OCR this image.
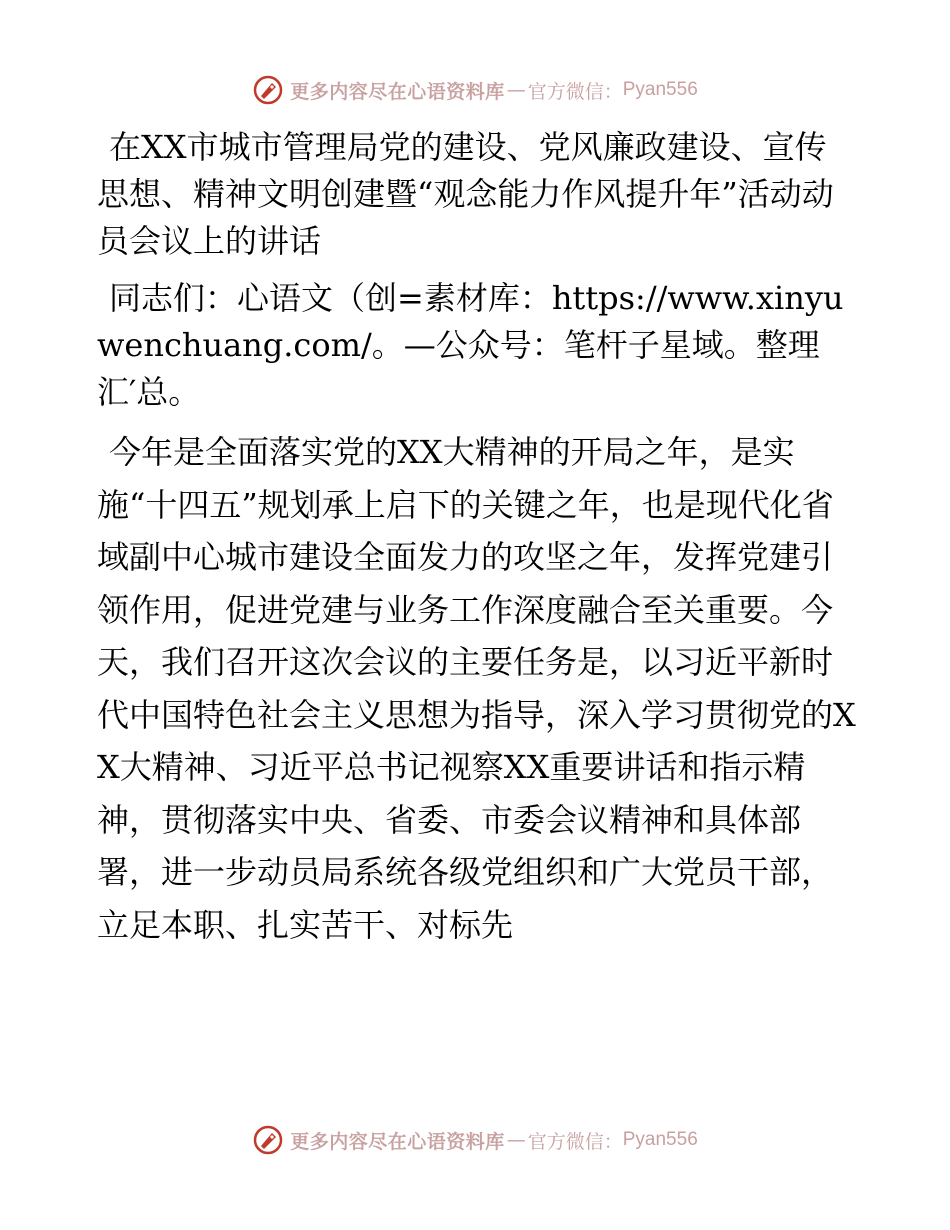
更多内容尽在心语资料库 — 官方微信： Pyan556
在XX市城市管理局党的建设、党风廉政建设、宣传思想、精神文明创建暨“观念能力作风提升年”活动动员会议上的讲话

同志们：心语文（创=素材库：https://www.xinyuwenchuang.com/。—公众号：笔杆子星域。整理汇′总。

今年是全面落实党的XX大精神的开局之年，是实施“十四五”规划承上启下的关键之年，也是现代化省域副中心城市建设全面发力的攻坚之年，发挥党建引领作用，促进党建与业务工作深度融合至关重要。今天，我们召开这次会议的主要任务是，以习近平新时代中国特色社会主义思想为指导，深入学习贯彻党的XX大精神、习近平总书记视察XX重要讲话和指示精神，贯彻落实中央、省委、市委会议精神和具体部署，进一步动员局系统各级党组织和广大党员干部，立足本职、扎实苦干、对标先

更多内容尽在心语资料库 — 官方微信： Pyan556
